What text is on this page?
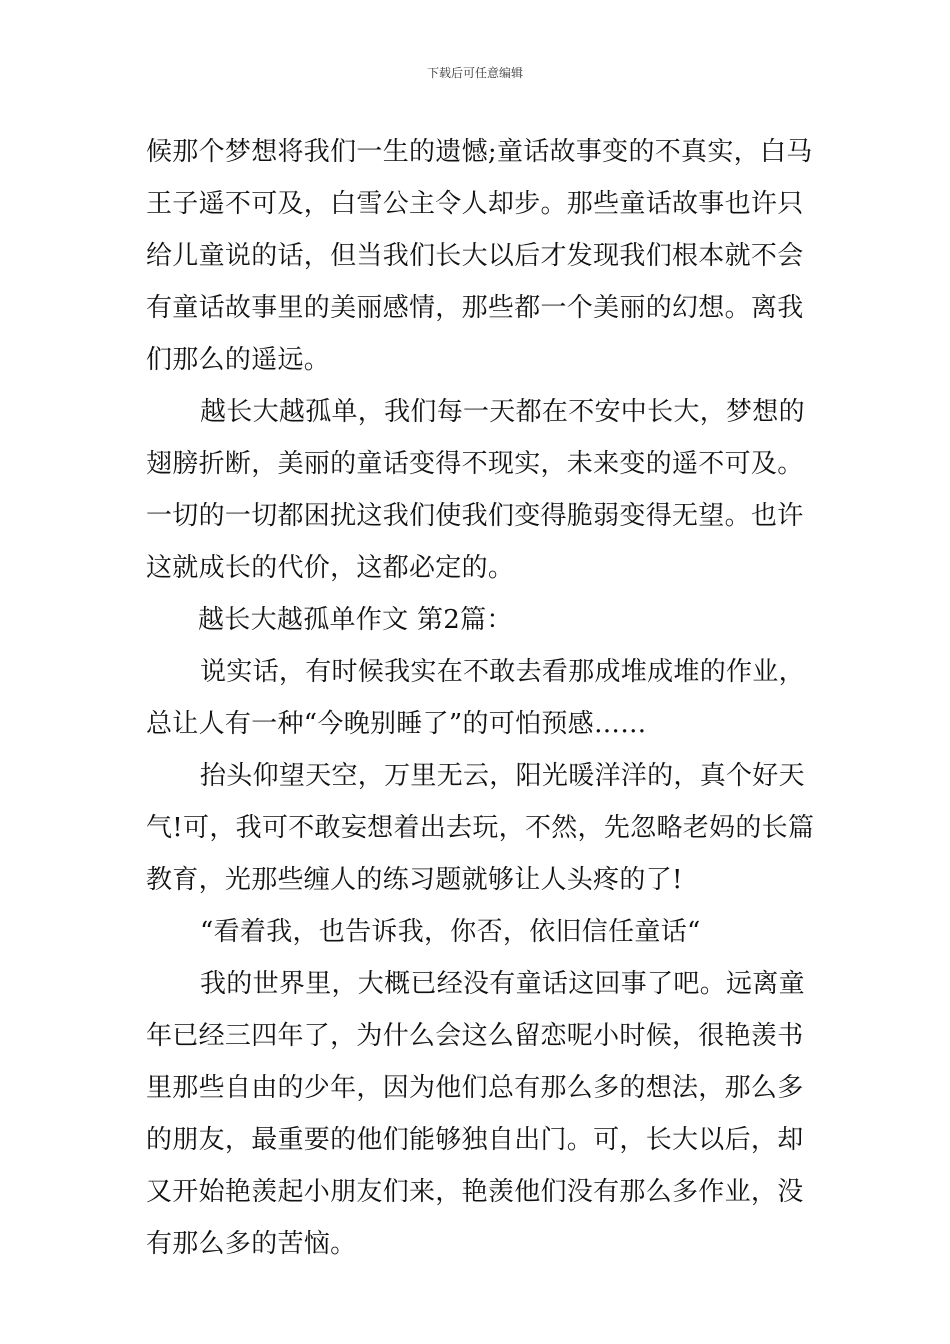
下载后可任意编辑
候那个梦想将我们一生的遗憾;童话故事变的不真实，白马
王子遥不可及，白雪公主令人却步。那些童话故事也许只
给儿童说的话，但当我们长大以后才发现我们根本就不会
有童话故事里的美丽感情，那些都一个美丽的幻想。离我
们那么的遥远。
越长大越孤单，我们每一天都在不安中长大，梦想的
翅膀折断，美丽的童话变得不现实，未来变的遥不可及。
一切的一切都困扰这我们使我们变得脆弱变得无望。也许
这就成长的代价，这都必定的。
越长大越孤单作文 第2篇：
说实话，有时候我实在不敢去看那成堆成堆的作业，
总让人有一种“今晚别睡了”的可怕预感……
抬头仰望天空，万里无云，阳光暖洋洋的，真个好天
气!可，我可不敢妄想着出去玩，不然，先忽略老妈的长篇
教育，光那些缠人的练习题就够让人头疼的了!
“看着我，也告诉我，你否，依旧信任童话“
我的世界里，大概已经没有童话这回事了吧。远离童
年已经三四年了，为什么会这么留恋呢小时候，很艳羡书
里那些自由的少年，因为他们总有那么多的想法，那么多
的朋友，最重要的他们能够独自出门。可，长大以后，却
又开始艳羡起小朋友们来，艳羡他们没有那么多作业，没
有那么多的苦恼。
